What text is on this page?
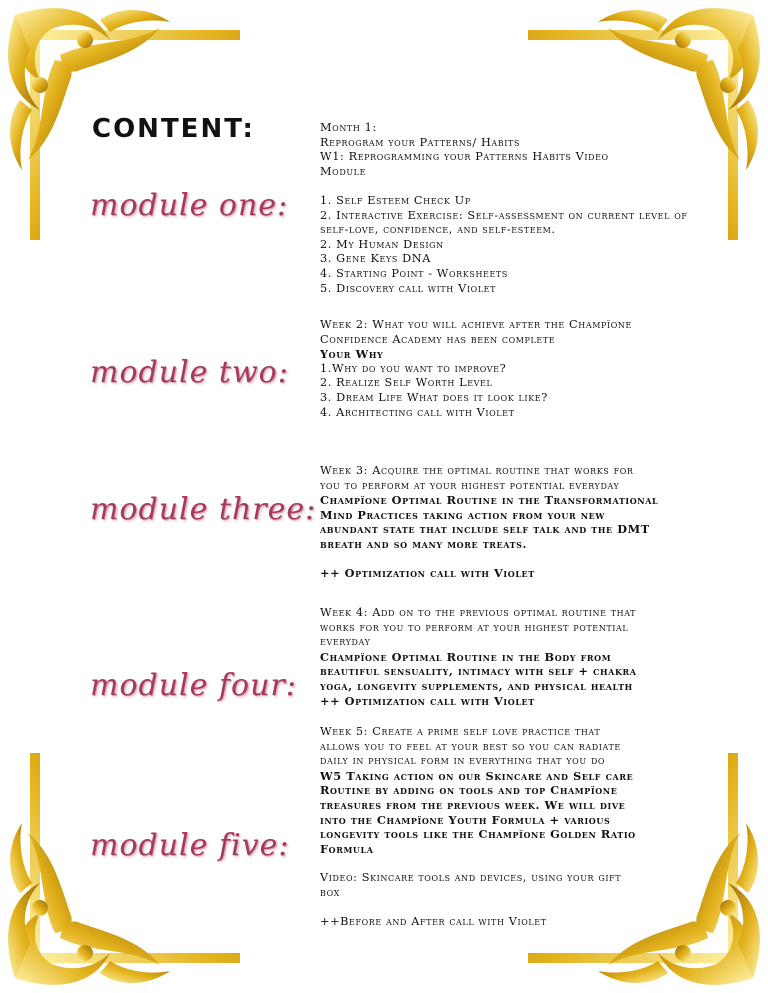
CONTENT:
module one:
module two:
module three:
module four:
module five:

Month 1:

Reprogram your Patterns/ Habits

W1: Reprogramming your Patterns Habits Video

Module

1. Self Esteem Check Up

2. Interactive Exercise: Self-assessment on current level of

self-love, confidence, and self-esteem.

2. My Human Design

3. Gene Keys DNA

4. Starting Point - Worksheets

5. Discovery call with Violet

Week 2: What you will achieve after the Champïone

Confidence Academy has been complete

Your Why

1.Why do you want to improve?

2. Realize Self Worth Level

3. Dream Life What does it look like?

4. Architecting call with Violet

Week 3: Acquire the optimal routine that works for

you to perform at your highest potential everyday

Champïone Optimal Routine in the Transformational

Mind Practices taking action from your new

abundant state that include self talk and the DMT

breath and so many more treats.

++ Optimization call with Violet

Week 4: Add on to the previous optimal routine that

works for you to perform at your highest potential

everyday

Champïone Optimal Routine in the Body from

beautiful sensuality, intimacy with self + chakra

yoga, longevity supplements, and physical health

++ Optimization call with Violet

Week 5: Create a prime self love practice that

allows you to feel at your best so you can radiate

daily in physical form in everything that you do

W5 Taking action on our Skincare and Self care

Routine by adding on tools and top Champïone

treasures from the previous week. We will dive

into the Champïone Youth Formula + various

longevity tools like the Champïone Golden Ratio

Formula

Video: Skincare tools and devices, using your gift

box

++Before and After call with Violet
